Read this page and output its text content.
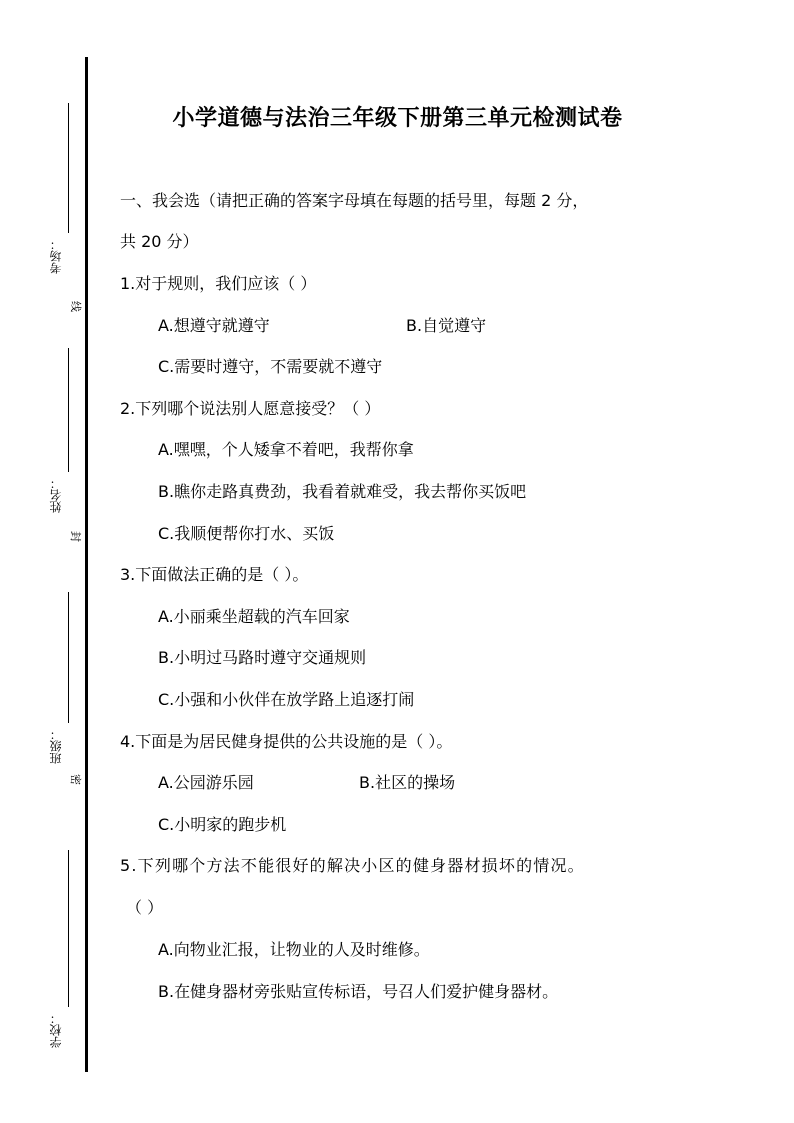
考场：
线
姓名：
封
班级：
密
学校：
小学道德与法治三年级下册第三单元检测试卷
一、我会选（请把正确的答案字母填在每题的括号里，每题 2 分，
共 20 分）
1.对于规则，我们应该（ ）
A.想遵守就遵守	B.自觉遵守
C.需要时遵守，不需要就不遵守
2.下列哪个说法别人愿意接受？（ ）
A.嘿嘿，个人矮拿不着吧，我帮你拿
B.瞧你走路真费劲，我看着就难受，我去帮你买饭吧
C.我顺便帮你打水、买饭
3.下面做法正确的是（ ）。
A.小丽乘坐超载的汽车回家
B.小明过马路时遵守交通规则
C.小强和小伙伴在放学路上追逐打闹
4.下面是为居民健身提供的公共设施的是（ ）。
A.公园游乐园	B.社区的操场
C.小明家的跑步机
5.下列哪个方法不能很好的解决小区的健身器材损坏的情况。
（ ）
A.向物业汇报，让物业的人及时维修。
B.在健身器材旁张贴宣传标语，号召人们爱护健身器材。
